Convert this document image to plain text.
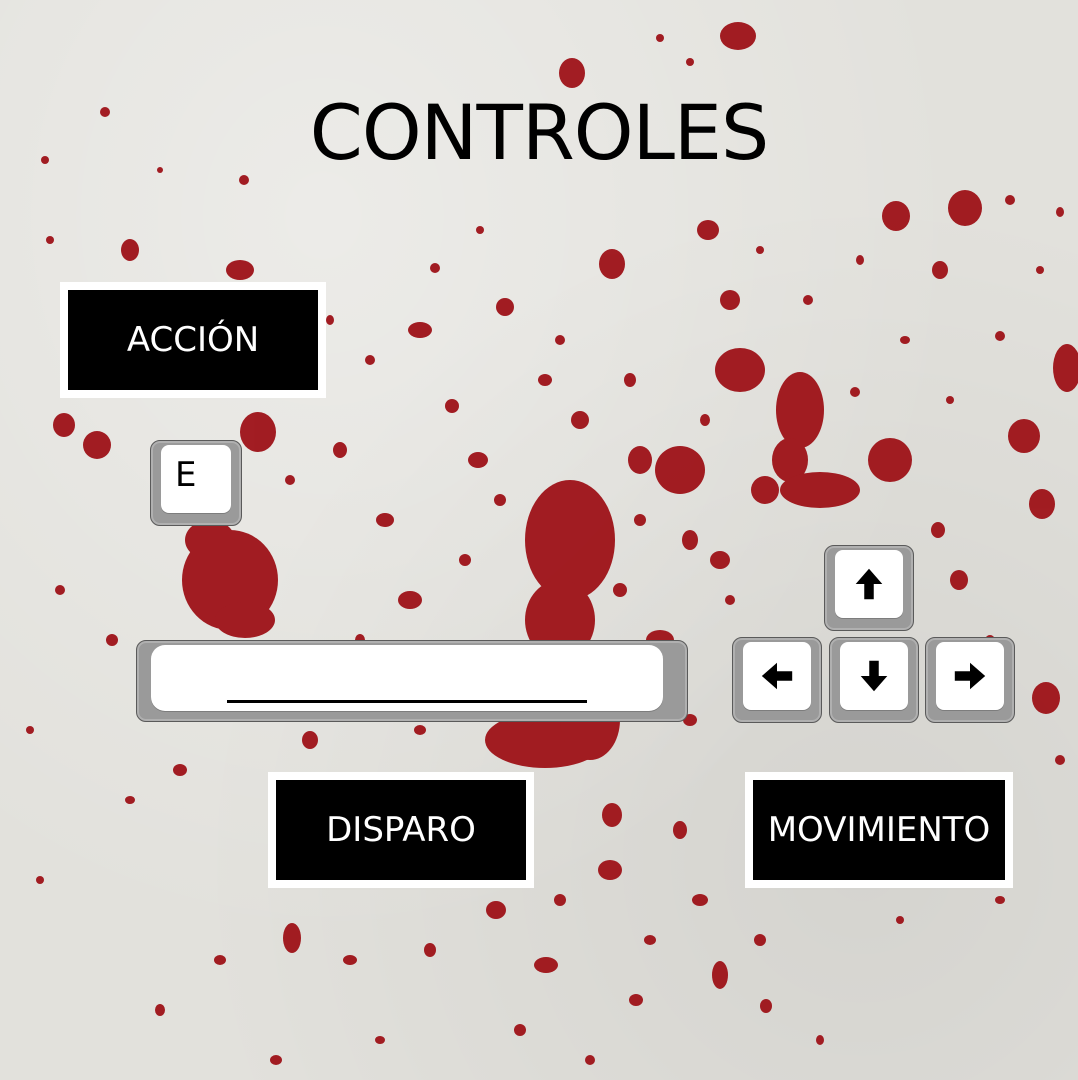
CONTROLES
ACCIÓN
E
DISPARO	MOVIMIENTO
